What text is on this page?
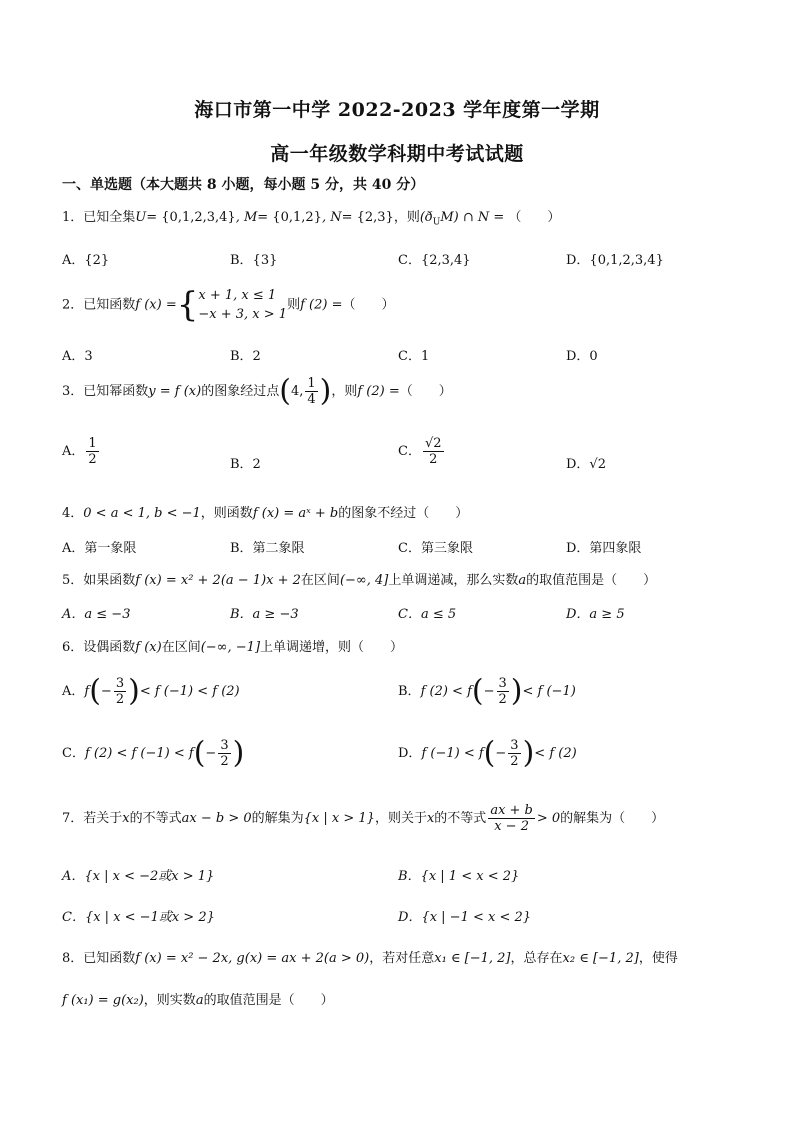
海口市第一中学 2022-2023 学年度第一学期
高一年级数学科期中考试试题
一、单选题（本大题共 8 小题，每小题 5 分，共 40 分）
1．已知全集U= {0,1,2,3,4}, M= {0,1,2}, N= {2,3}，则$(ð_UM)$ ∩ N = （　　）
A．{2}	B．{3}	C．{2,3,4}	D．{0,1,2,3,4}
2．已知函数f (x) ={ x + 1, x ≤ 1
−x + 3, x > 1
则f (2) =（　　）
A．3	B．2	C．1	D．0
3．已知幂函数y = f (x)的图象经过点(4, $\frac{1}{4}$ )，则f (2) =（　　）
A． $\frac{1}{2}$	B．2
C． $\frac{√2}{2}$	D．√2
4．0 < a < 1, b < −1，则函数f (x) = aˣ + b的图象不经过（　　）
A．第一象限	B．第二象限	C．第三象限	D．第四象限
5．如果函数f (x) = x² + 2(a − 1)x + 2在区间(−∞, 4]上单调递减，那么实数a的取值范围是（　　）
A．a ≤ −3	B．a ≥ −3	C．a ≤ 5	D．a ≥ 5
6．设偶函数f (x)在区间(−∞, −1]上单调递增，则（　　）
A．$f(- \frac{3}{2}$ )< f (−1) < f (2)	B．f $(2) < f(- \frac{3}{2}$ )< f (−1)
C．f (2) < f $(-1) < f(- \frac{3}{2}$ )	D．f $(-1) < f(- \frac{3}{2}$ )< f (2)
7．若关于x的不等式ax − b > 0的解集为{x | x > 1}，则关于x的不等式 $\frac{ax + b}{x - 2} > 0$的解集为（　　）
A．{x | x < −2或x > 1}	B．{x | 1 < x < 2}
C．{x | x < −1或x > 2}	D．{x | −1 < x < 2}
8．已知函数f (x) = x² − 2x, g(x) = ax + 2(a > 0)，若对任意x₁ ∈ [−1, 2]，总存在x₂ ∈ [−1, 2]，使得
f (x₁) = g(x₂)，则实数a的取值范围是（　　）
